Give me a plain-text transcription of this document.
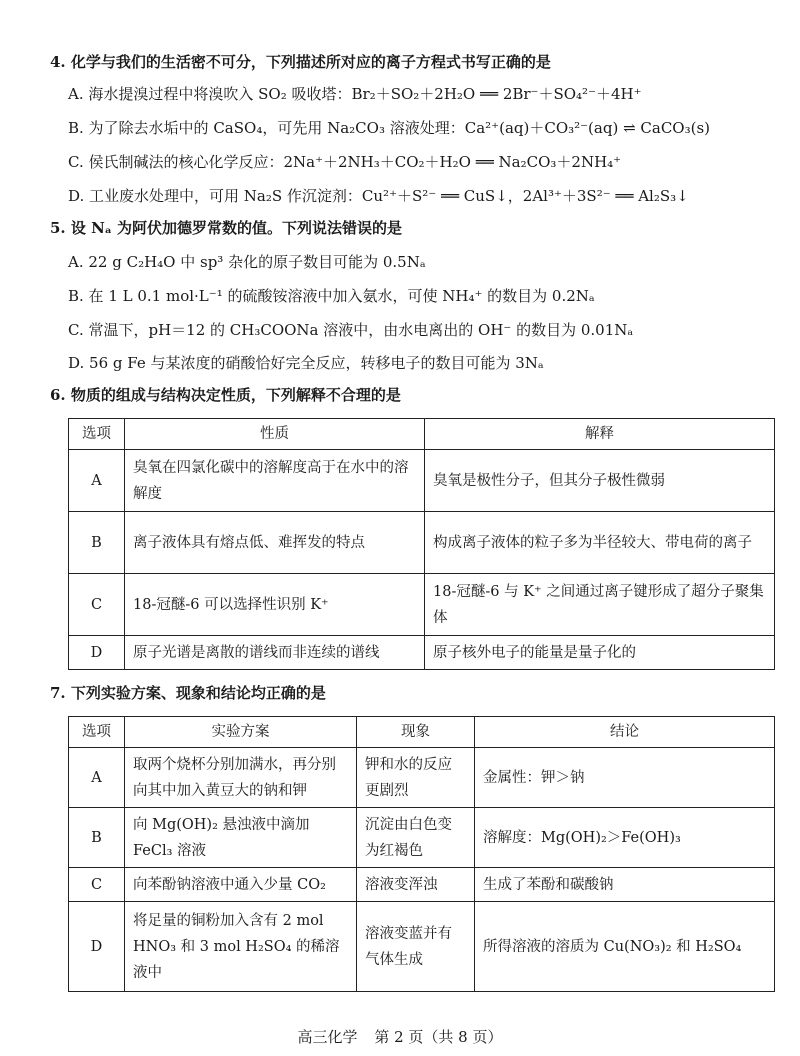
4. 化学与我们的生活密不可分，下列描述所对应的离子方程式书写正确的是
A. 海水提溴过程中将溴吹入 SO₂ 吸收塔：Br₂＋SO₂＋2H₂O ══ 2Br⁻＋SO₄²⁻＋4H⁺
B. 为了除去水垢中的 CaSO₄，可先用 Na₂CO₃ 溶液处理：Ca²⁺(aq)＋CO₃²⁻(aq) ⇌ CaCO₃(s)
C. 侯氏制碱法的核心化学反应：2Na⁺＋2NH₃＋CO₂＋H₂O ══ Na₂CO₃＋2NH₄⁺
D. 工业废水处理中，可用 Na₂S 作沉淀剂：Cu²⁺＋S²⁻ ══ CuS↓，2Al³⁺＋3S²⁻ ══ Al₂S₃↓
5. 设 Nₐ 为阿伏加德罗常数的值。下列说法错误的是
A. 22 g C₂H₄O 中 sp³ 杂化的原子数目可能为 0.5Nₐ
B. 在 1 L 0.1 mol·L⁻¹ 的硫酸铵溶液中加入氨水，可使 NH₄⁺ 的数目为 0.2Nₐ
C. 常温下，pH＝12 的 CH₃COONa 溶液中，由水电离出的 OH⁻ 的数目为 0.01Nₐ
D. 56 g Fe 与某浓度的硝酸恰好完全反应，转移电子的数目可能为 3Nₐ
6. 物质的组成与结构决定性质，下列解释不合理的是
选项	性质	解释
A	臭氧在四氯化碳中的溶解度高于在水中的溶解度	臭氧是极性分子，但其分子极性微弱
B	离子液体具有熔点低、难挥发的特点	构成离子液体的粒子多为半径较大、带电荷的离子
C	18-冠醚-6 可以选择性识别 K⁺	18-冠醚-6 与 K⁺ 之间通过离子键形成了超分子聚集体
D	原子光谱是离散的谱线而非连续的谱线	原子核外电子的能量是量子化的
7. 下列实验方案、现象和结论均正确的是
选项	实验方案	现象	结论
A	取两个烧杯分别加满水，再分别向其中加入黄豆大的钠和钾	钾和水的反应更剧烈	金属性：钾＞钠
B	向 Mg(OH)₂ 悬浊液中滴加 FeCl₃ 溶液	沉淀由白色变为红褐色	溶解度：Mg(OH)₂＞Fe(OH)₃
C	向苯酚钠溶液中通入少量 CO₂	溶液变浑浊	生成了苯酚和碳酸钠
D	将足量的铜粉加入含有 2 mol HNO₃ 和 3 mol H₂SO₄ 的稀溶液中	溶液变蓝并有气体生成	所得溶液的溶质为 Cu(NO₃)₂ 和 H₂SO₄
高三化学 第 2 页（共 8 页）
